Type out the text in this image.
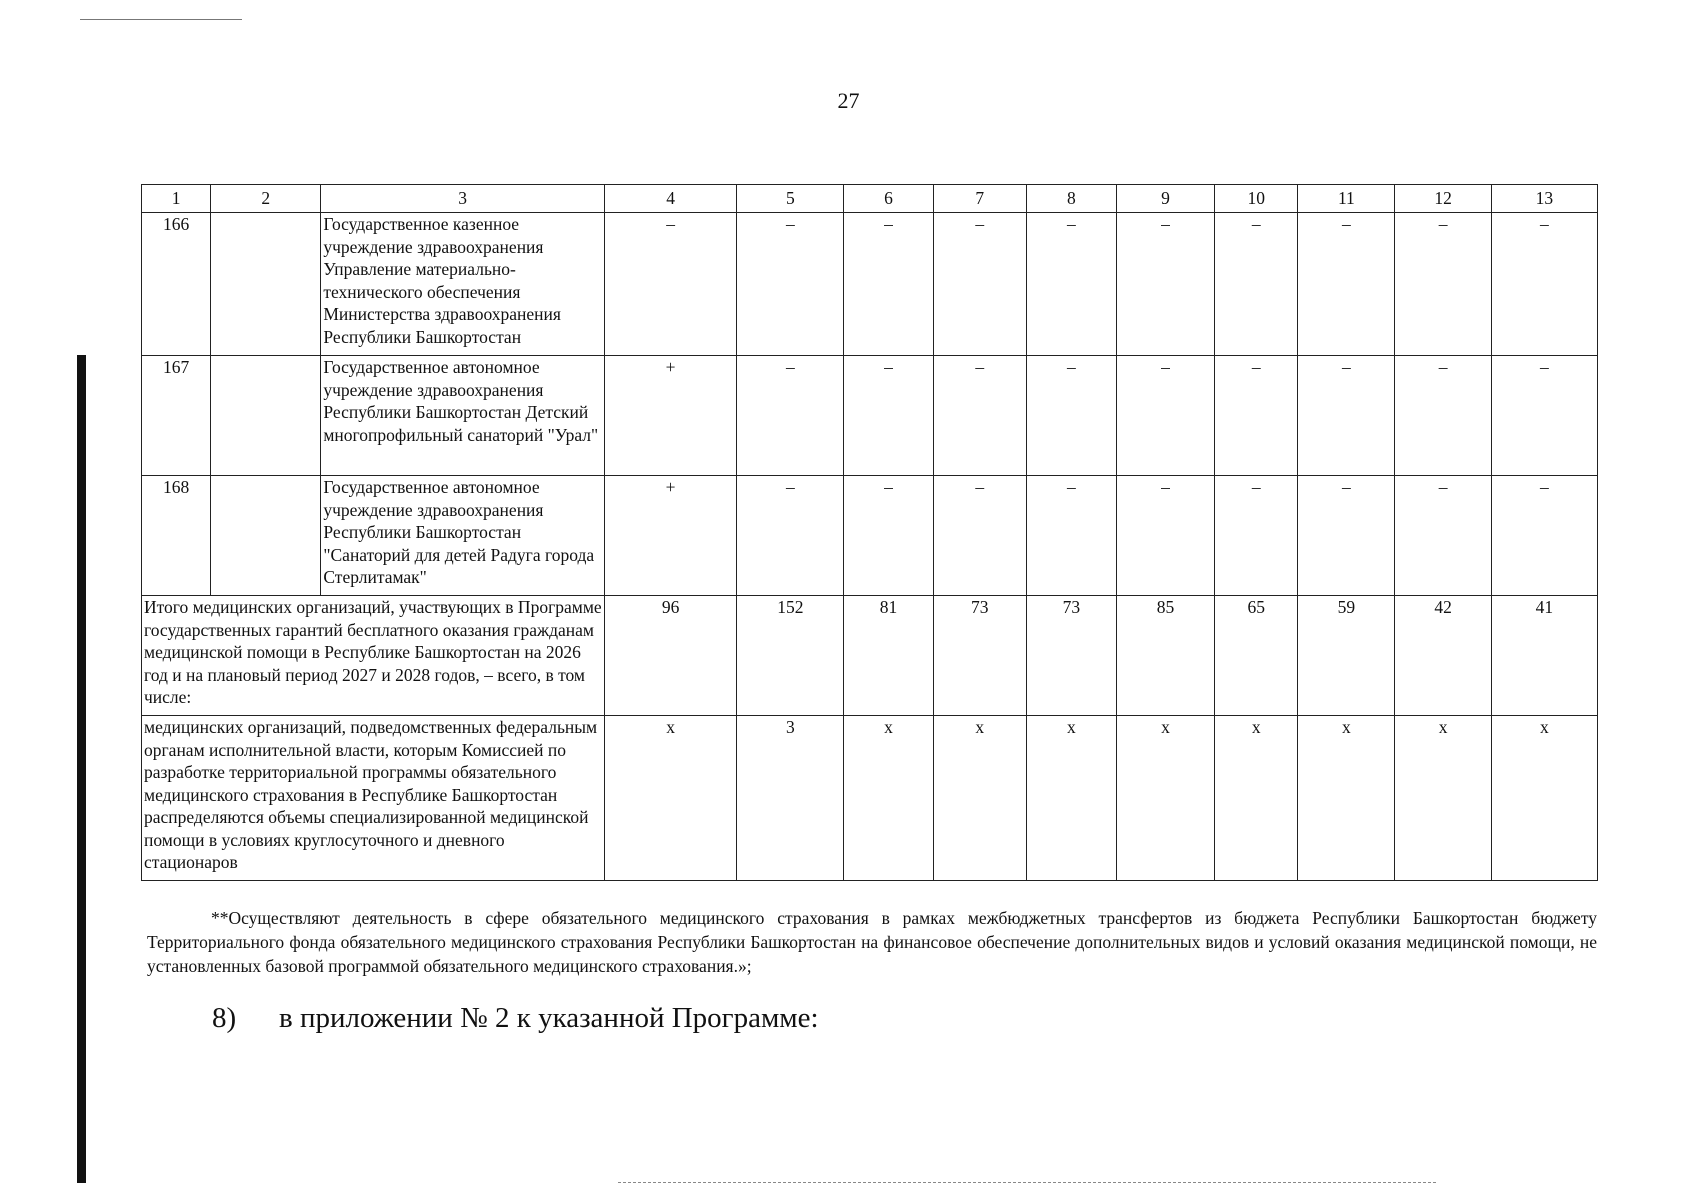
27
1	2	3	4	5	6	7	8	9	10	11	12	13
166		Государственное казенное учреждение здравоохранения Управление материально-технического обеспечения Министерства здравоохранения Республики Башкортостан	–	–	–	–	–	–	–	–	–	–
167		Государственное автономное учреждение здравоохранения Республики Башкортостан Детский многопрофильный санаторий "Урал"	+	–	–	–	–	–	–	–	–	–
168		Государственное автономное учреждение здравоохранения Республики Башкортостан "Санаторий для детей Радуга города Стерлитамак"	+	–	–	–	–	–	–	–	–	–
Итого медицинских организаций, участвующих в Программе государственных гарантий бесплатного оказания гражданам медицинской помощи в Республике Башкортостан на 2026 год и на плановый период 2027 и 2028 годов, – всего, в том числе:			96	152	81	73	73	85	65	59	42	41
медицинских организаций, подведомственных федеральным органам исполнительной власти, которым Комиссией по разработке территориальной программы обязательного медицинского страхования в Республике Башкортостан распределяются объемы специализированной медицинской помощи в условиях круглосуточного и дневного стационаров			х	3	х	х	х	х	х	х	х	х
**Осуществляют деятельность в сфере обязательного медицинского страхования в рамках межбюджетных трансфертов из бюджета Республики Башкортостан бюджету Территориального фонда обязательного медицинского страхования Республики Башкортостан на финансовое обеспечение дополнительных видов и условий оказания медицинской помощи, не установленных базовой программой обязательного медицинского страхования.»;
8) в приложении № 2 к указанной Программе:
